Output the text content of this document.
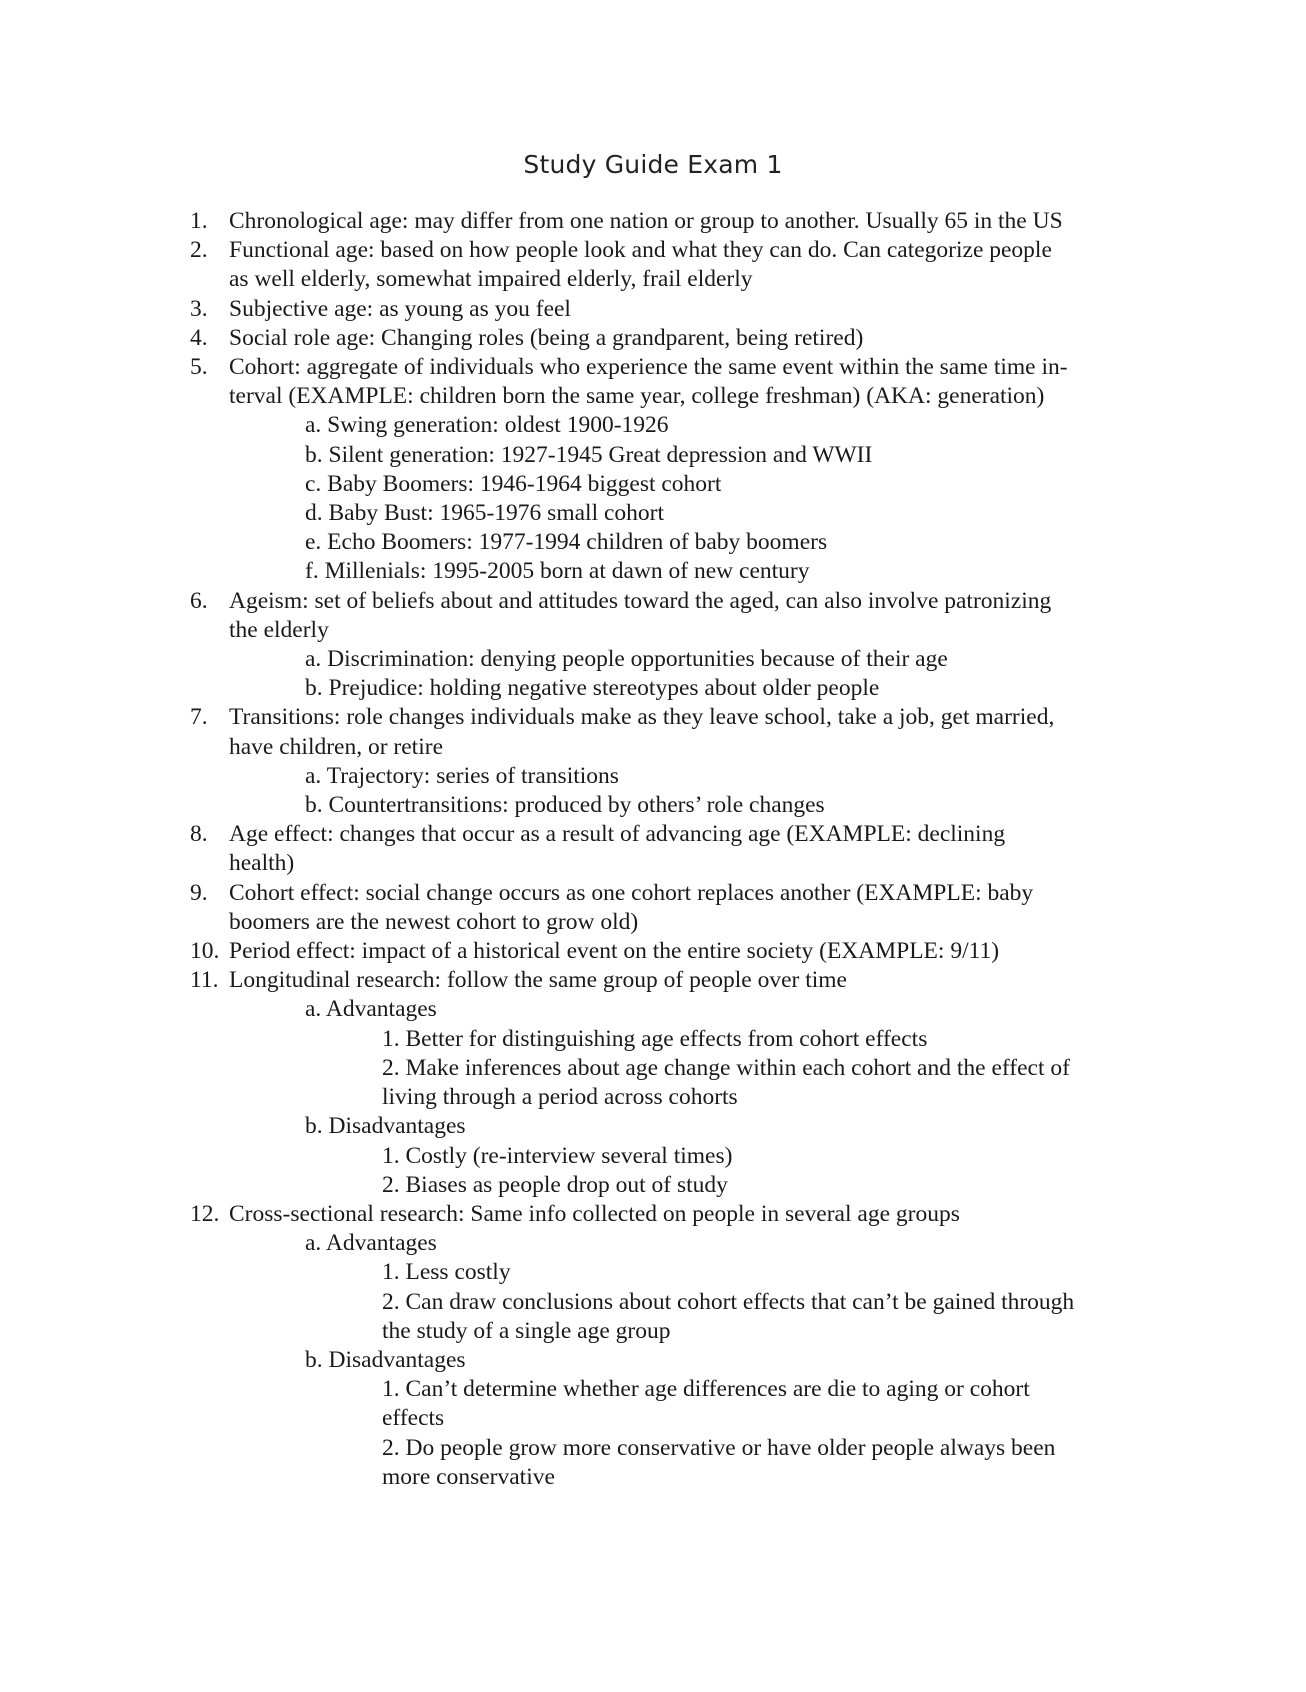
Study Guide Exam 1
1. Chronological age: may differ from one nation or group to another. Usually 65 in the US
2. Functional age: based on how people look and what they can do. Can categorize people
as well elderly, somewhat impaired elderly, frail elderly
3. Subjective age: as young as you feel
4. Social role age: Changing roles (being a grandparent, being retired)
5. Cohort: aggregate of individuals who experience the same event within the same time in-
terval (EXAMPLE: children born the same year, college freshman) (AKA: generation)
a. Swing generation: oldest 1900-1926
b. Silent generation: 1927-1945 Great depression and WWII
c. Baby Boomers: 1946-1964 biggest cohort
d. Baby Bust: 1965-1976 small cohort
e. Echo Boomers: 1977-1994 children of baby boomers
f. Millenials: 1995-2005 born at dawn of new century
6. Ageism: set of beliefs about and attitudes toward the aged, can also involve patronizing
the elderly
a. Discrimination: denying people opportunities because of their age
b. Prejudice: holding negative stereotypes about older people
7. Transitions: role changes individuals make as they leave school, take a job, get married,
have children, or retire
a. Trajectory: series of transitions
b. Countertransitions: produced by others’ role changes
8. Age effect: changes that occur as a result of advancing age (EXAMPLE: declining
health)
9. Cohort effect: social change occurs as one cohort replaces another (EXAMPLE: baby
boomers are the newest cohort to grow old)
10. Period effect: impact of a historical event on the entire society (EXAMPLE: 9/11)
11. Longitudinal research: follow the same group of people over time
a. Advantages
1. Better for distinguishing age effects from cohort effects
2. Make inferences about age change within each cohort and the effect of
living through a period across cohorts
b. Disadvantages
1. Costly (re-interview several times)
2. Biases as people drop out of study
12. Cross-sectional research: Same info collected on people in several age groups
a. Advantages
1. Less costly
2. Can draw conclusions about cohort effects that can’t be gained through
the study of a single age group
b. Disadvantages
1. Can’t determine whether age differences are die to aging or cohort
effects
2. Do people grow more conservative or have older people always been
more conservative
